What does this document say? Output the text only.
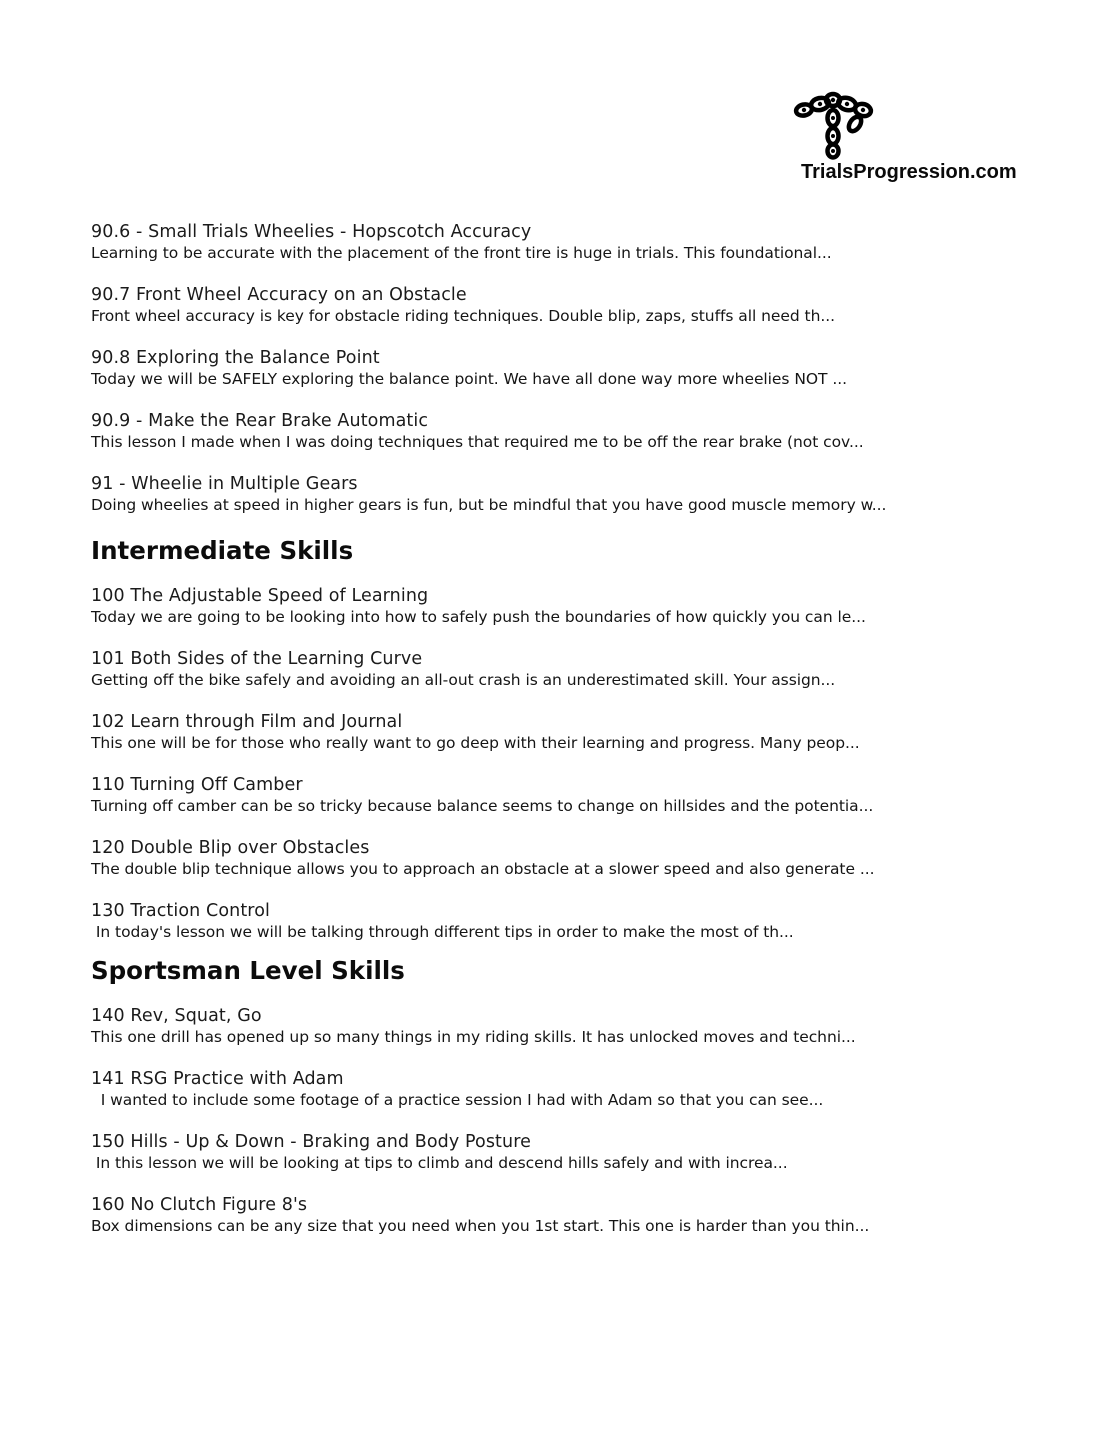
TrialsProgression.com
90.6 - Small Trials Wheelies - Hopscotch Accuracy
Learning to be accurate with the placement of the front tire is huge in trials. This foundational...
90.7 Front Wheel Accuracy on an Obstacle
Front wheel accuracy is key for obstacle riding techniques. Double blip, zaps, stuffs all need th...
90.8 Exploring the Balance Point
Today we will be SAFELY exploring the balance point. We have all done way more wheelies NOT ...
90.9 - Make the Rear Brake Automatic
This lesson I made when I was doing techniques that required me to be off the rear brake (not cov...
91 - Wheelie in Multiple Gears
Doing wheelies at speed in higher gears is fun, but be mindful that you have good muscle memory w...
Intermediate Skills
100 The Adjustable Speed of Learning
Today we are going to be looking into how to safely push the boundaries of how quickly you can le...
101 Both Sides of the Learning Curve
Getting off the bike safely and avoiding an all-out crash is an underestimated skill. Your assign...
102 Learn through Film and Journal
This one will be for those who really want to go deep with their learning and progress. Many peop...
110 Turning Off Camber
Turning off camber can be so tricky because balance seems to change on hillsides and the potentia...
120 Double Blip over Obstacles
The double blip technique allows you to approach an obstacle at a slower speed and also generate ...
130 Traction Control
In today's lesson we will be talking through different tips in order to make the most of th...
Sportsman Level Skills
140 Rev, Squat, Go
This one drill has opened up so many things in my riding skills. It has unlocked moves and techni...
141 RSG Practice with Adam
I wanted to include some footage of a practice session I had with Adam so that you can see...
150 Hills - Up & Down - Braking and Body Posture
In this lesson we will be looking at tips to climb and descend hills safely and with increa...
160 No Clutch Figure 8's
Box dimensions can be any size that you need when you 1st start. This one is harder than you thin...
